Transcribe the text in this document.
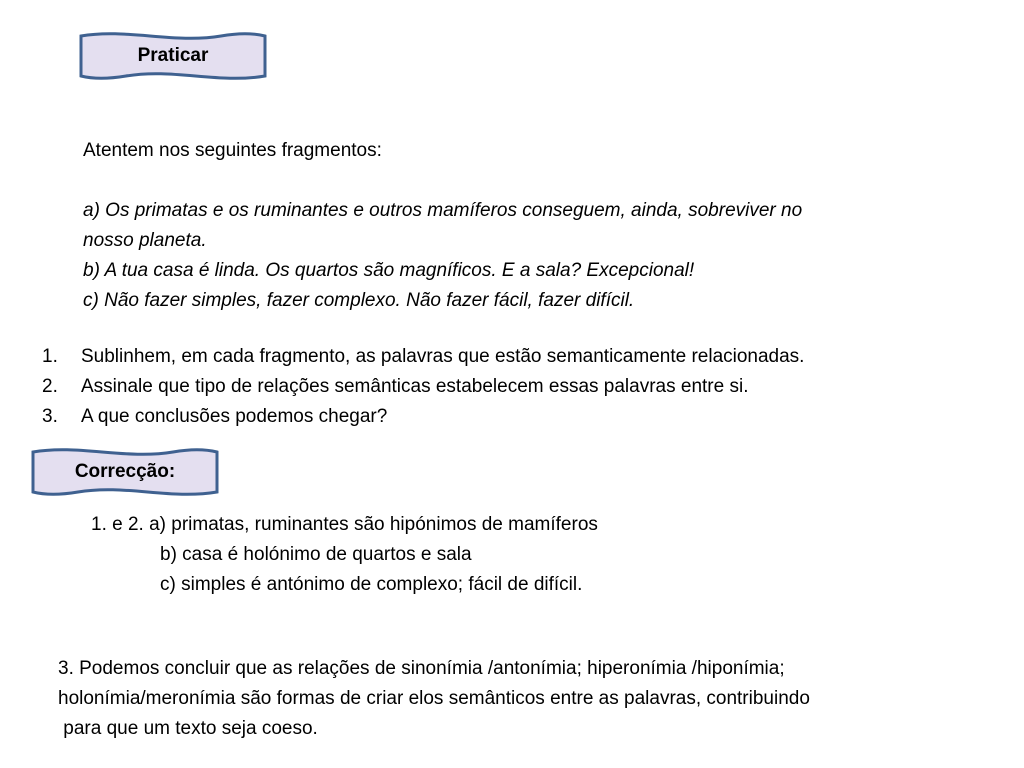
Praticar
Atentem nos seguintes fragmentos:
a) Os primatas e os ruminantes e outros mamíferos conseguem, ainda, sobreviver no
nosso planeta.
b) A tua casa é linda. Os quartos são magníficos. E a sala? Excepcional!
c) Não fazer simples, fazer complexo. Não fazer fácil, fazer difícil.
1. Sublinhem, em cada fragmento, as palavras que estão semanticamente relacionadas.
2. Assinale que tipo de relações semânticas estabelecem essas palavras entre si.
3. A que conclusões podemos chegar?
Correcção:
1. e 2. a) primatas, ruminantes são hipónimos de mamíferos
b) casa é holónimo de quartos e sala
c) simples é antónimo de complexo; fácil de difícil.
3. Podemos concluir que as relações de sinonímia /antonímia; hiperonímia /hiponímia;
holonímia/meronímia são formas de criar elos semânticos entre as palavras, contribuindo
para que um texto seja coeso.
